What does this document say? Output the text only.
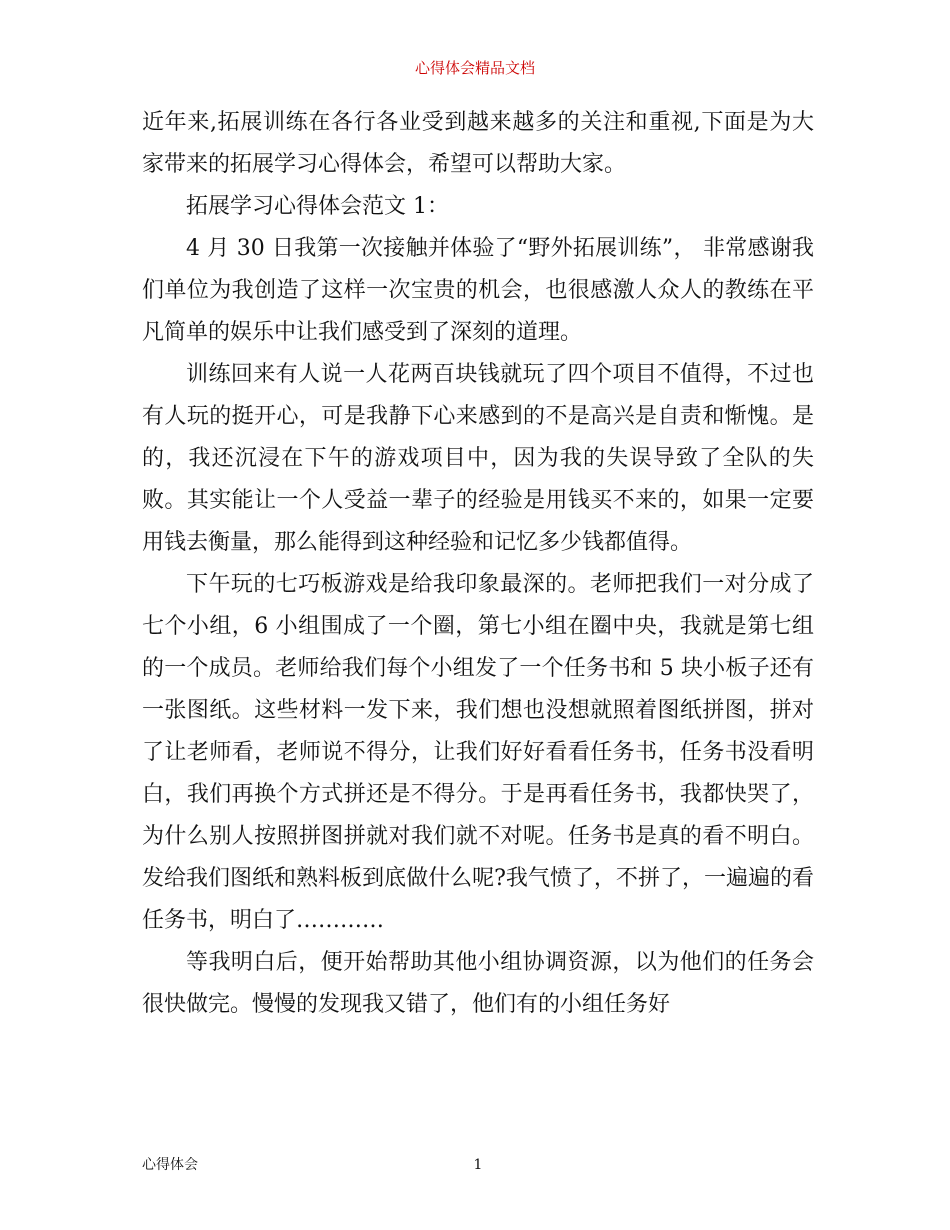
心得体会精品文档

近年来,拓展训练在各行各业受到越来越多的关注和重视,下面是为大家带来的拓展学习心得体会，希望可以帮助大家。

拓展学习心得体会范文 1：

4 月 30 日我第一次接触并体验了“野外拓展训练”， 非常感谢我们单位为我创造了这样一次宝贵的机会，也很感激人众人的教练在平凡简单的娱乐中让我们感受到了深刻的道理。

训练回来有人说一人花两百块钱就玩了四个项目不值得，不过也有人玩的挺开心，可是我静下心来感到的不是高兴是自责和惭愧。是的，我还沉浸在下午的游戏项目中，因为我的失误导致了全队的失败。其实能让一个人受益一辈子的经验是用钱买不来的，如果一定要用钱去衡量，那么能得到这种经验和记忆多少钱都值得。

下午玩的七巧板游戏是给我印象最深的。老师把我们一对分成了七个小组，6 小组围成了一个圈，第七小组在圈中央，我就是第七组的一个成员。老师给我们每个小组发了一个任务书和 5 块小板子还有一张图纸。这些材料一发下来，我们想也没想就照着图纸拼图，拼对了让老师看，老师说不得分，让我们好好看看任务书，任务书没看明白，我们再换个方式拼还是不得分。于是再看任务书，我都快哭了，为什么别人按照拼图拼就对我们就不对呢。任务书是真的看不明白。发给我们图纸和熟料板到底做什么呢?我气愤了，不拼了，一遍遍的看任务书，明白了…………

等我明白后，便开始帮助其他小组协调资源，以为他们的任务会很快做完。慢慢的发现我又错了，他们有的小组任务好

心得体会	1
